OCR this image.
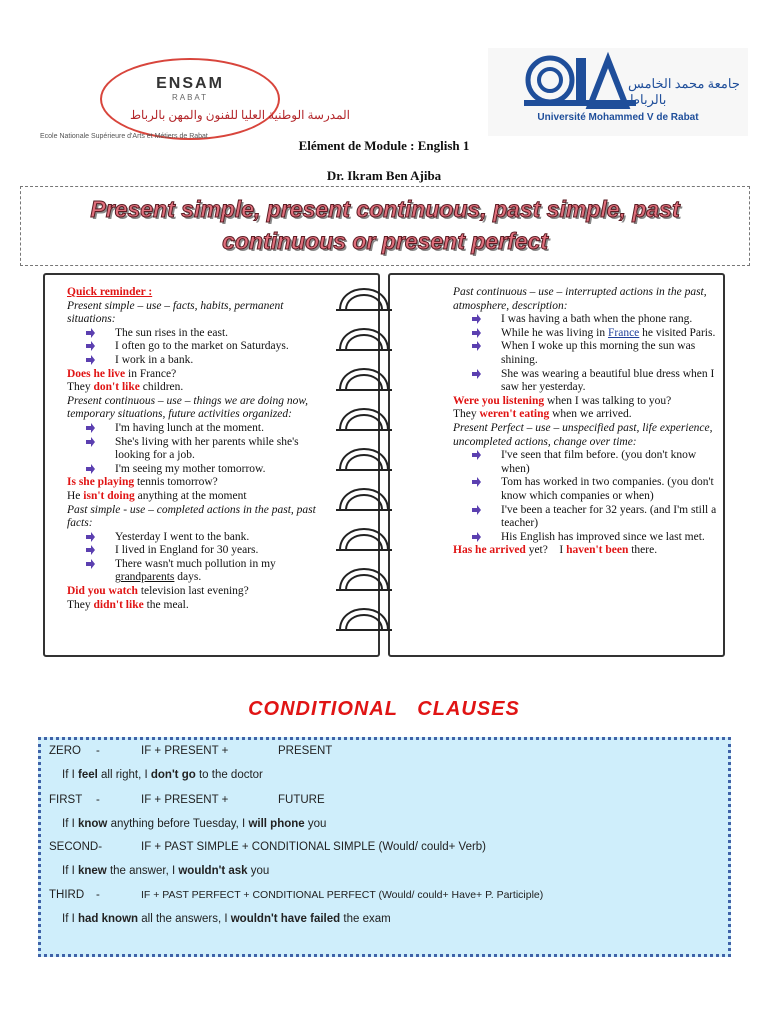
ENSAM
RABAT
المدرسة الوطنية العليا للفنون والمهن بالرباط
Ecole Nationale Supérieure d'Arts et Métiers de Rabat
جامعة محمد الخامس بالرباط
Université Mohammed V de Rabat
Elément de Module : English 1
Dr. Ikram Ben Ajiba
Present simple, present continuous, past simple, past
continuous or present perfect
Quick reminder :
Present simple – use – facts, habits, permanent situations:
The sun rises in the east.
I often go to the market on Saturdays.
I work in a bank.
Does he live in France?
They don't like children.
Present continuous – use – things we are doing now, temporary situations, future activities organized:
I'm having lunch at the moment.
She's living with her parents while she's looking for a job.
I'm seeing my mother tomorrow.
Is she playing tennis tomorrow?
He isn't doing anything at the moment
Past simple - use – completed actions in the past, past facts:
Yesterday I went to the bank.
I lived in England for 30 years.
There wasn't much pollution in my grandparents days.
Did you watch television last evening?
They didn't like the meal.
Past continuous – use – interrupted actions in the past, atmosphere, description:
I was having a bath when the phone rang.
While he was living in France he visited Paris.
When I woke up this morning the sun was shining.
She was wearing a beautiful blue dress when I saw her yesterday.
Were you listening when I was talking to you?
They weren't eating when we arrived.
Present Perfect – use – unspecified past, life experience, uncompleted actions, change over time:
I've seen that film before. (you don't know when)
Tom has worked in two companies. (you don't know which companies or when)
I've been a teacher for 32 years. (and I'm still a teacher)
His English has improved since we last met.
Has he arrived yet?    I haven't been there.
CONDITIONAL   CLAUSES
ZERO -	IF + PRESENT +	PRESENT
If I feel all right, I don't go to the doctor
FIRST -	IF + PRESENT +	FUTURE
If I know anything before Tuesday, I will phone you
SECOND-	IF + PAST SIMPLE + CONDITIONAL SIMPLE (Would/ could+ Verb)
If I knew the answer, I wouldn't ask you
THIRD -	IF + PAST PERFECT + CONDITIONAL PERFECT (Would/ could+ Have+ P. Participle)
If I had known all the answers, I wouldn't have failed the exam
